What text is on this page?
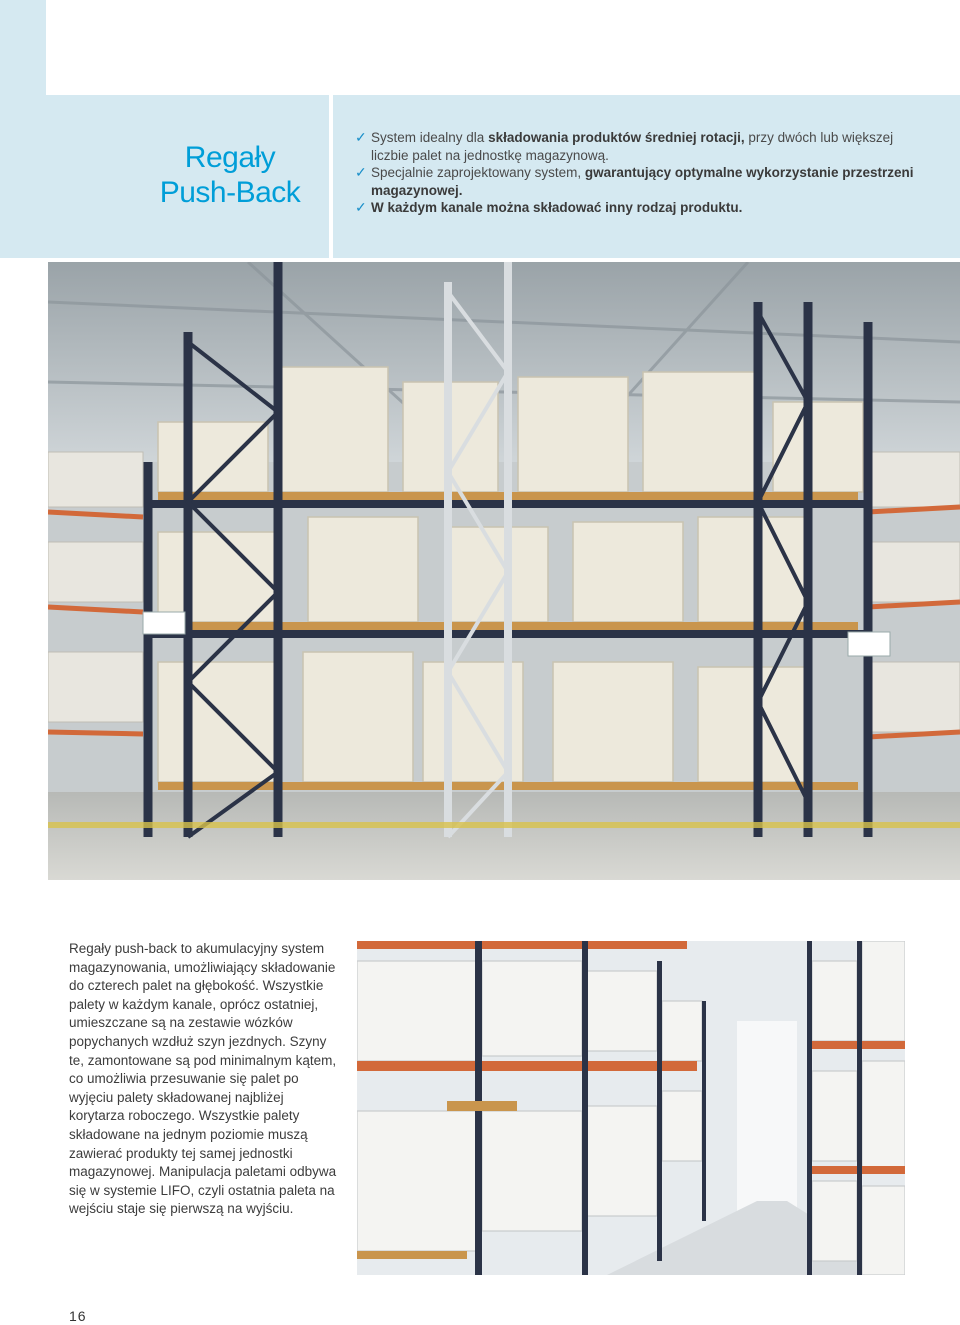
Regały
Push-Back
✓ System idealny dla składowania produktów średniej rotacji, przy dwóch lub większej liczbie palet na jednostkę magazynową.
✓ Specjalnie zaprojektowany system, gwarantujący optymalne wykorzystanie przestrzeni magazynowej.
✓ W każdym kanale można składować inny rodzaj produktu.

Regały push-back to akumulacyjny system magazynowania, umożliwiający składowanie do czterech palet na głębokość. Wszystkie palety w każdym kanale, oprócz ostatniej, umieszczane są na zestawie wózków popychanych wzdłuż szyn jezdnych. Szyny te, zamontowane są pod minimalnym kątem, co umożliwia przesuwanie się palet po wyjęciu palety składowanej najbliżej korytarza roboczego. Wszystkie palety składowane na jednym poziomie muszą zawierać produkty tej samej jednostki magazynowej. Manipulacja paletami odbywa się w systemie LIFO, czyli ostatnia paleta na wejściu staje się pierwszą na wyjściu.

16
